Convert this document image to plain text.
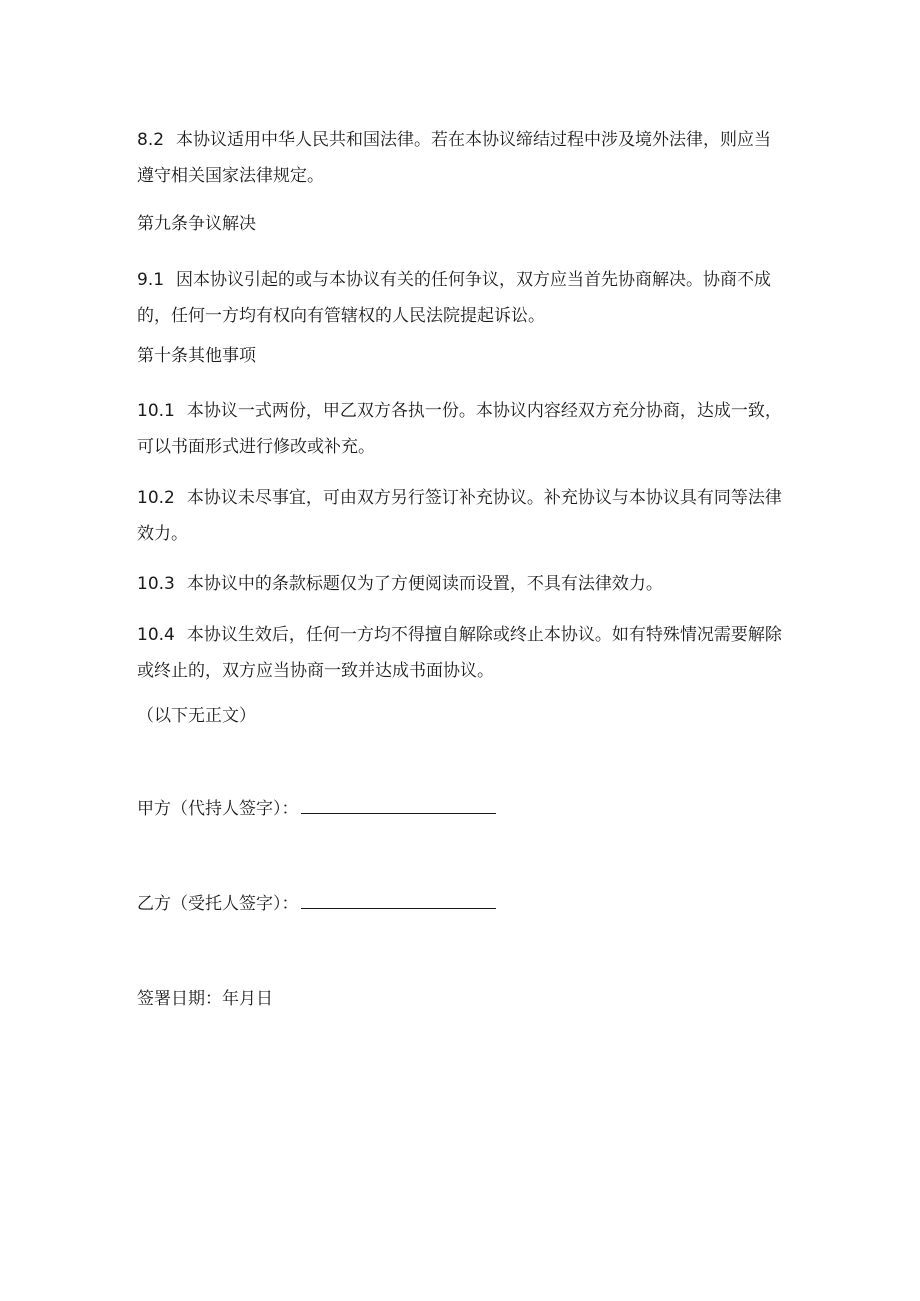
8.2 本协议适用中华人民共和国法律。若在本协议缔结过程中涉及境外法律，则应当遵守相关国家法律规定。

第九条争议解决

9.1 因本协议引起的或与本协议有关的任何争议，双方应当首先协商解决。协商不成的，任何一方均有权向有管辖权的人民法院提起诉讼。

第十条其他事项

10.1 本协议一式两份，甲乙双方各执一份。本协议内容经双方充分协商，达成一致，可以书面形式进行修改或补充。

10.2 本协议未尽事宜，可由双方另行签订补充协议。补充协议与本协议具有同等法律效力。

10.3 本协议中的条款标题仅为了方便阅读而设置，不具有法律效力。

10.4 本协议生效后，任何一方均不得擅自解除或终止本协议。如有特殊情况需要解除或终止的，双方应当协商一致并达成书面协议。

（以下无正文）

甲方（代持人签字）：

乙方（受托人签字）：

签署日期：年月日
